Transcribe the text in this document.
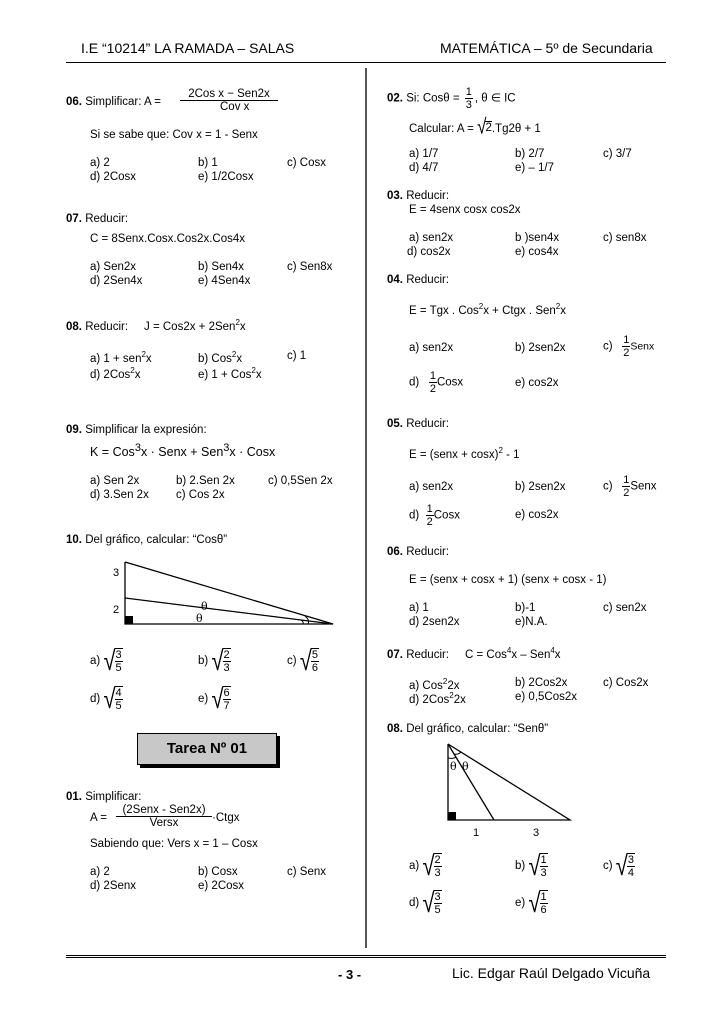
I.E “10214” LA RAMADA – SALAS	MATEMÁTICA – 5º de Secundaria
06. Simplificar: A =
2Cos x − Sen2x
Cov x
Si se sabe que: Cov x = 1 - Senx
a) 2	b) 1	c) Cosx
d) 2Cosx	e) 1/2Cosx
07. Reducir:
C = 8Senx.Cosx.Cos2x.Cos4x
a) Sen2x	b) Sen4x	c) Sen8x
d) 2Sen4x	e) 4Sen4x
08. Reducir: J = Cos2x + 2Sen$^2$x
a) 1 + sen$^2$x	b) Cos$^2$x	c) 1
d) 2Cos$^2$x	e) 1 + Cos$^2$x
09. Simplificar la expresión:
K = Cos$^3$x · Senx + Sen$^3$x · Cosx
a) Sen 2x	b) 2.Sen 2x	c) 0,5Sen 2x
d) 3.Sen 2x c) Cos 2x
10. Del gráfico, calcular: “Cosθ”
3
2	θ
θ
a) √ $\frac{3}{5}$	b) √ $\frac{2}{3}$	c) √ $\frac{5}{6}$
d) √ $\frac{4}{5}$	e) √ $\frac{6}{7}$
Tarea Nº 01
01. Simplificar:
A =
(2Senx - Sen2x)
Versx	·Ctgx
Sabiendo que: Vers x = 1 – Cosx
a) 2	b) Cosx	c) Senx
d) 2Senx	e) 2Cosx
02. Si: $Cos\theta = \frac{1}{3}$ , θ ∈ IC
Calcular: A = √ 2 .Tg2θ + 1
a) 1/7	b) 2/7	c) 3/7
d) 4/7	e) – 1/7
03. Reducir:
E = 4senx cosx cos2x
a) sen2x	b )sen4x	c) sen8x
d) cos2x	e) cos4x
04. Reducir:
E = Tgx . Cos$^2$x + Ctgx . Sen$^2$x
a) sen2x	b) 2sen2x	$c) \frac{1}{2}$ Senx
$d) \frac{1}{2}$ Cosx	e) cos2x
05. Reducir:
E = (senx + cosx)$^2$ - 1
a) sen2x	b) 2sen2x	$c) \frac{1}{2}$ Senx
$d) \frac{1}{2}$ Cosx	e) cos2x
06. Reducir:
E = (senx + cosx + 1) (senx + cosx - 1)
a) 1	b)-1	c) sen2x
d) 2sen2x	e)N.A.
07. Reducir: C = Cos$^4$x – Sen$^4$x
a) Cos$^2$2x	b) 2Cos2x	c) Cos2x
d) 2Cos$^2$2x	e) 0,5Cos2x
08. Del gráfico, calcular: “Senθ”
θ θ
1	3
a) √ $\frac{2}{3}$	b) √ $\frac{1}{3}$	c) √ $\frac{3}{4}$
d) √ $\frac{3}{5}$	e) √ $\frac{1}{6}$
- 3 -	Lic. Edgar Raúl Delgado Vicuña
